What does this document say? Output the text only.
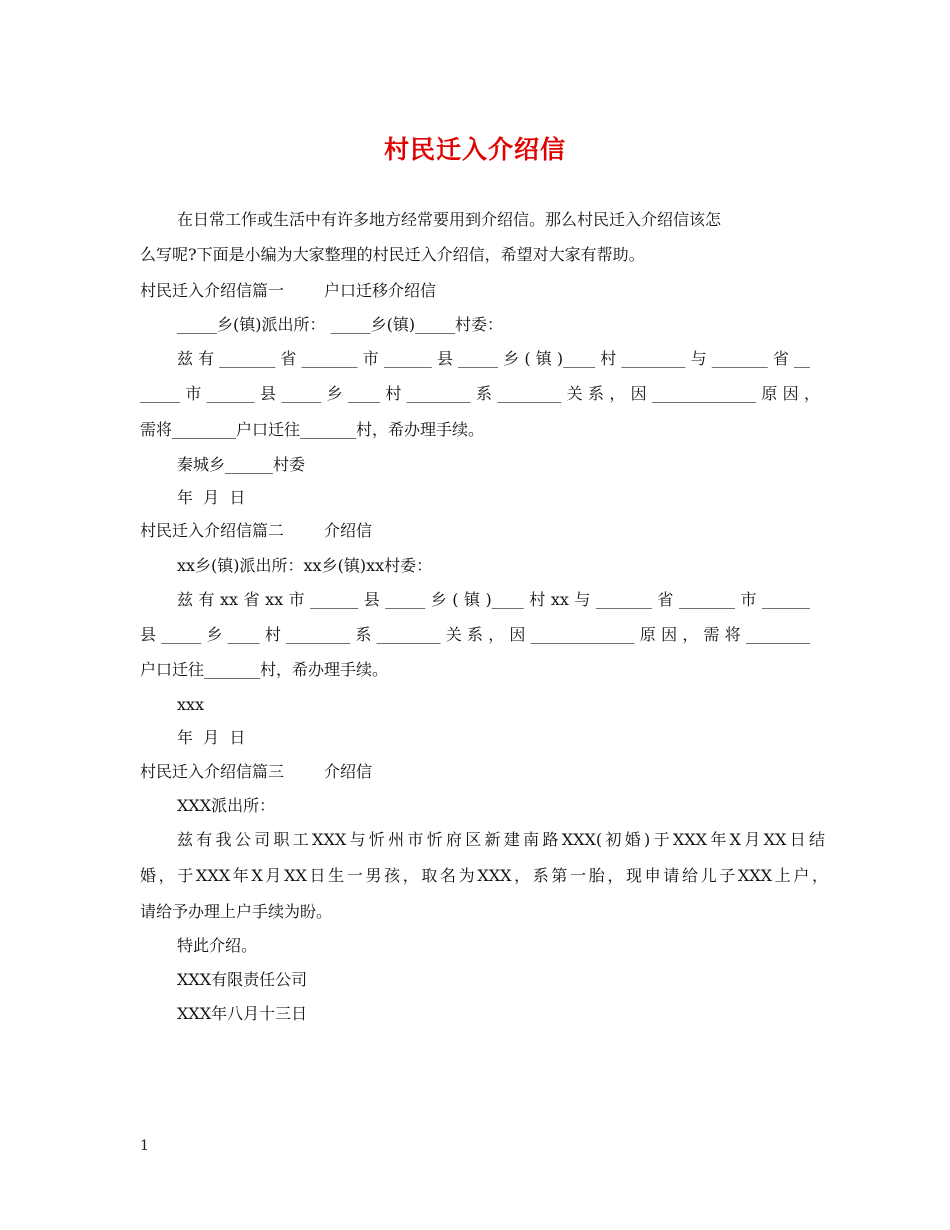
村民迁入介绍信
在日常工作或生活中有许多地方经常要用到介绍信。那么村民迁入介绍信该怎
么写呢?下面是小编为大家整理的村民迁入介绍信，希望对大家有帮助。
村民迁入介绍信篇一	户口迁移介绍信
_____乡(镇)派出所： _____乡(镇)_____村委：
兹有_______省_______市______县_____乡(镇)____村________与_______省__
_____市______县_____乡____村________系________关系，因_____________原因，
需将________户口迁往_______村，希办理手续。
秦城乡______村委
年  月  日
村民迁入介绍信篇二	介绍信
xx乡(镇)派出所：xx乡(镇)xx村委：
兹有xx省xx市______县_____乡(镇)____村xx与_______省_______市______
县_____乡____村________系________关系，因_____________原因，需将________
户口迁往_______村，希办理手续。
xxx
年  月  日
村民迁入介绍信篇三	介绍信
XXX派出所：
兹有我公司职工XXX与忻州市忻府区新建南路XXX(初婚)于XXX年X月XX日结
婚，于XXX年X月XX日生一男孩，取名为XXX，系第一胎，现申请给儿子XXX上户，
请给予办理上户手续为盼。
特此介绍。
XXX有限责任公司
XXX年八月十三日
1
